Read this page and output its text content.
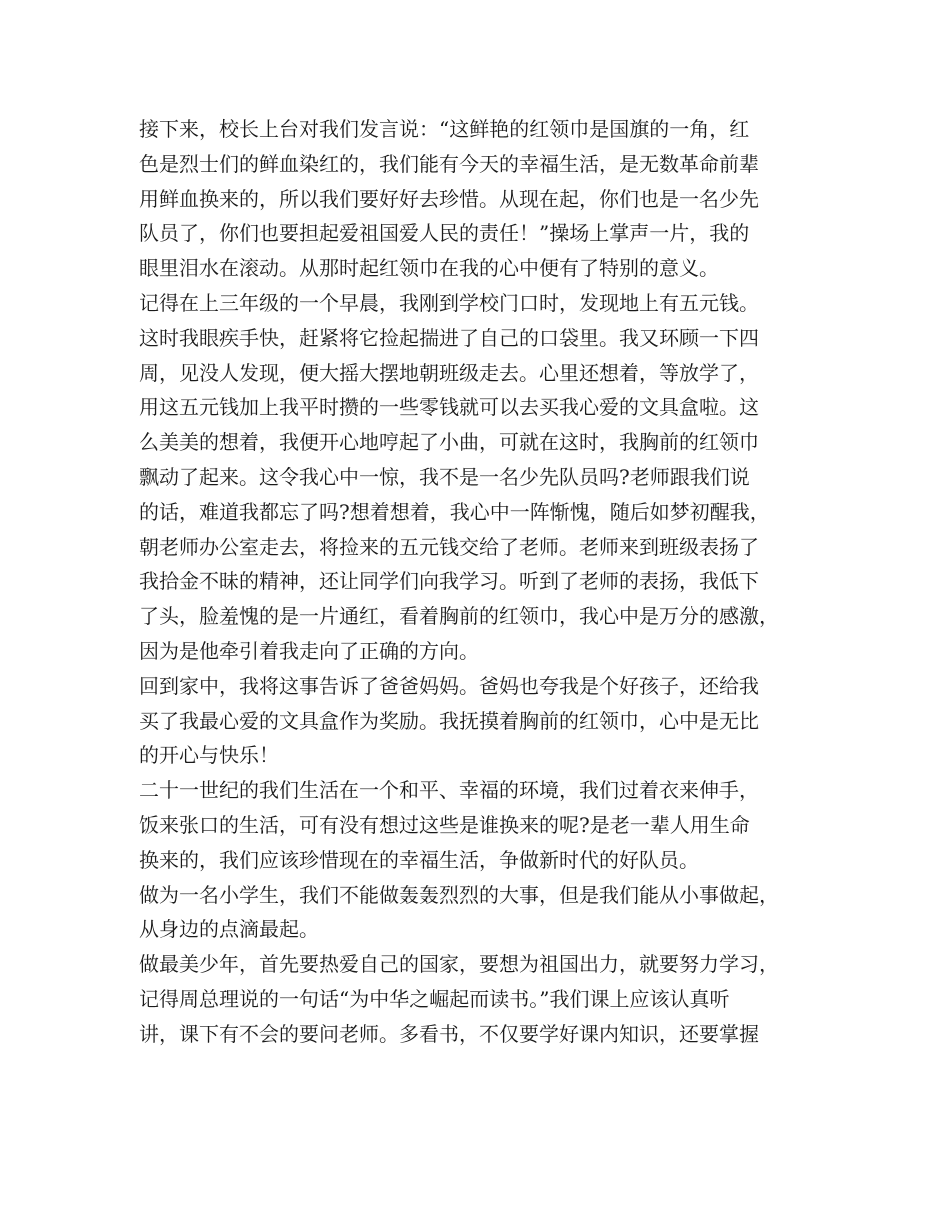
接下来，校长上台对我们发言说：“这鲜艳的红领巾是国旗的一角，红
色是烈士们的鲜血染红的，我们能有今天的幸福生活，是无数革命前辈
用鲜血换来的，所以我们要好好去珍惜。从现在起，你们也是一名少先
队员了，你们也要担起爱祖国爱人民的责任！”操场上掌声一片，我的
眼里泪水在滚动。从那时起红领巾在我的心中便有了特别的意义。

记得在上三年级的一个早晨，我刚到学校门口时，发现地上有五元钱。
这时我眼疾手快，赶紧将它捡起揣进了自己的口袋里。我又环顾一下四
周，见没人发现，便大摇大摆地朝班级走去。心里还想着，等放学了，
用这五元钱加上我平时攒的一些零钱就可以去买我心爱的文具盒啦。这
么美美的想着，我便开心地哼起了小曲，可就在这时，我胸前的红领巾
飘动了起来。这令我心中一惊，我不是一名少先队员吗?老师跟我们说
的话，难道我都忘了吗?想着想着，我心中一阵惭愧，随后如梦初醒我，
朝老师办公室走去，将捡来的五元钱交给了老师。老师来到班级表扬了
我拾金不昧的精神，还让同学们向我学习。听到了老师的表扬，我低下
了头，脸羞愧的是一片通红，看着胸前的红领巾，我心中是万分的感激，
因为是他牵引着我走向了正确的方向。

回到家中，我将这事告诉了爸爸妈妈。爸妈也夸我是个好孩子，还给我
买了我最心爱的文具盒作为奖励。我抚摸着胸前的红领巾，心中是无比
的开心与快乐！

二十一世纪的我们生活在一个和平、幸福的环境，我们过着衣来伸手，
饭来张口的生活，可有没有想过这些是谁换来的呢?是老一辈人用生命
换来的，我们应该珍惜现在的幸福生活，争做新时代的好队员。

做为一名小学生，我们不能做轰轰烈烈的大事，但是我们能从小事做起，
从身边的点滴最起。

做最美少年，首先要热爱自己的国家，要想为祖国出力，就要努力学习，
记得周总理说的一句话“为中华之崛起而读书。”我们课上应该认真听
讲，课下有不会的要问老师。多看书，不仅要学好课内知识，还要掌握
